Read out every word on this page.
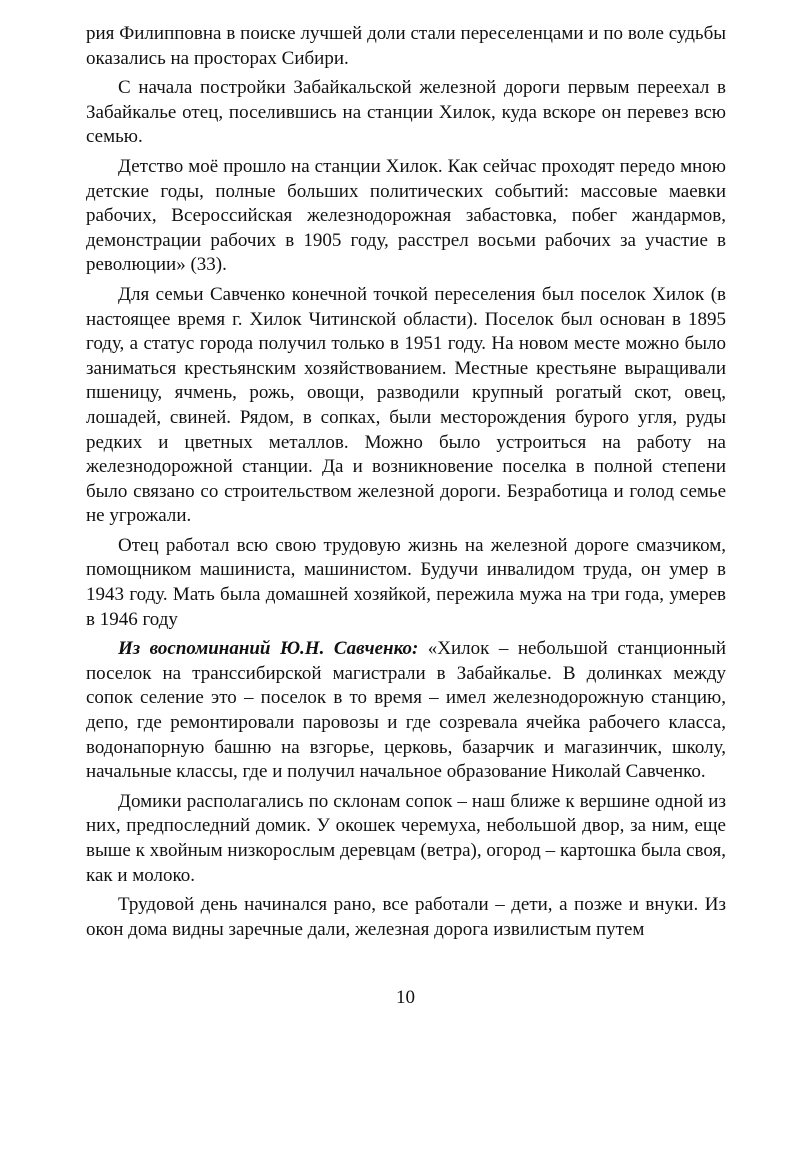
рия Филипповна в поиске лучшей доли стали переселенцами и по воле судьбы оказались на просторах Сибири.

С начала постройки Забайкальской железной дороги первым переехал в Забайкалье отец, поселившись на станции Хилок, куда вскоре он перевез всю семью.

Детство моё прошло на станции Хилок. Как сейчас проходят передо мною детские годы, полные больших политических событий: массовые маевки рабочих, Всероссийская железнодорожная забастовка, побег жандармов, демонстрации рабочих в 1905 году, расстрел восьми рабочих за участие в революции» (33).

Для семьи Савченко конечной точкой переселения был поселок Хилок (в настоящее время г. Хилок Читинской области). Поселок был основан в 1895 году, а статус города получил только в 1951 году. На новом месте можно было заниматься крестьянским хозяйствованием. Местные крестьяне выращивали пшеницу, ячмень, рожь, овощи, разводили крупный рогатый скот, овец, лошадей, свиней. Рядом, в сопках, были месторождения бурого угля, руды редких и цветных металлов. Можно было устроиться на работу на железнодорожной станции. Да и возникновение поселка в полной степени было связано со строительством железной дороги. Безработица и голод семье не угрожали.

Отец работал всю свою трудовую жизнь на железной дороге смазчиком, помощником машиниста, машинистом. Будучи инвалидом труда, он умер в 1943 году. Мать была домашней хозяйкой, пережила мужа на три года, умерев в 1946 году

Из воспоминаний Ю.Н. Савченко: «Хилок – небольшой станционный поселок на транссибирской магистрали в Забайкалье. В долинках между сопок селение это – поселок в то время – имел железнодорожную станцию, депо, где ремонтировали паровозы и где созревала ячейка рабочего класса, водонапорную башню на взгорье, церковь, базарчик и магазинчик, школу, начальные классы, где и получил начальное образование Николай Савченко.

Домики располагались по склонам сопок – наш ближе к вершине одной из них, предпоследний домик. У окошек черемуха, небольшой двор, за ним, еще выше к хвойным низкорослым деревцам (ветра), огород – картошка была своя, как и молоко.

Трудовой день начинался рано, все работали – дети, а позже и внуки. Из окон дома видны заречные дали, железная дорога извилистым путем

10
